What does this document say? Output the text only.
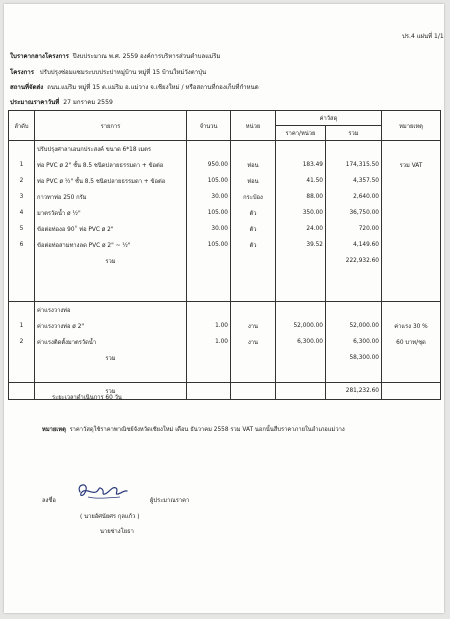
ปร.4 แผ่นที่ 1/1
ใบราคากลางโครงการ ปีงบประมาณ พ.ศ. 2559 องค์การบริหารส่วนตำบลแม่ริม
โครงการ ปรับปรุงซ่อมแซมระบบประปาหมู่บ้าน หมู่ที่ 15 บ้านใหม่วังตาปุ่น
สถานที่จัดส่ง ถนน.แม่ริม หมู่ที่ 15 ต.แม่ริม อ.แม่วาง จ.เชียงใหม่ / หรือสถานที่กองเก็บที่กำหนด
ประมาณราคาวันที่ 27 มกราคม 2559
ลำดับ	รายการ	จำนวน	หน่วย	ค่าวัสดุ		หมายเหตุ
				ราคา/หน่วย	รวม	
	ปรับปรุงศาลาเอนกประสงค์ ขนาด 6*18 เมตร					
1	ท่อ PVC ø 2" ชั้น 8.5 ชนิดปลายธรรมดา + ข้อต่อ	950.00	ท่อน	183.49	174,315.50	รวม VAT
2	ท่อ PVC ø ½" ชั้น 8.5 ชนิดปลายธรรมดา + ข้อต่อ	105.00	ท่อน	41.50	4,357.50	
3	กาวทาท่อ 250 กรัม	30.00	กระป๋อง	88.00	2,640.00	
4	มาตรวัดน้ำ ø ½"	105.00	ตัว	350.00	36,750.00	
5	ข้อต่อท่องอ 90˚ ท่อ PVC ø 2"	30.00	ตัว	24.00	720.00	
6	ข้อต่อท่อสามทางลด PVC ø 2" ~ ½"	105.00	ตัว	39.52	4,149.60	
	รวม				222,932.60	

	ค่าแรงวางท่อ					
1	ค่าแรงวางท่อ ø 2"	1.00	งาน	52,000.00	52,000.00	ค่าแรง 30 %
2	ค่าแรงติดตั้งมาตรวัดน้ำ	1.00	งาน	6,300.00	6,300.00	60 บาท/ชุด
	รวม				58,300.00	

	รวม				281,232.60	
ระยะเวลาดำเนินการ 60 วัน
หมายเหตุ ราคาวัสดุใช้ราคาพาณิชย์จังหวัดเชียงใหม่ เดือน ธันวาคม 2558 รวม VAT นอกนั้นสืบราคาภายในอำเภอแม่วาง
ลงชื่อ	ผู้ประมาณราคา
( นายอัศนัยศร กุลแก้ว )
นายช่างโยธา
